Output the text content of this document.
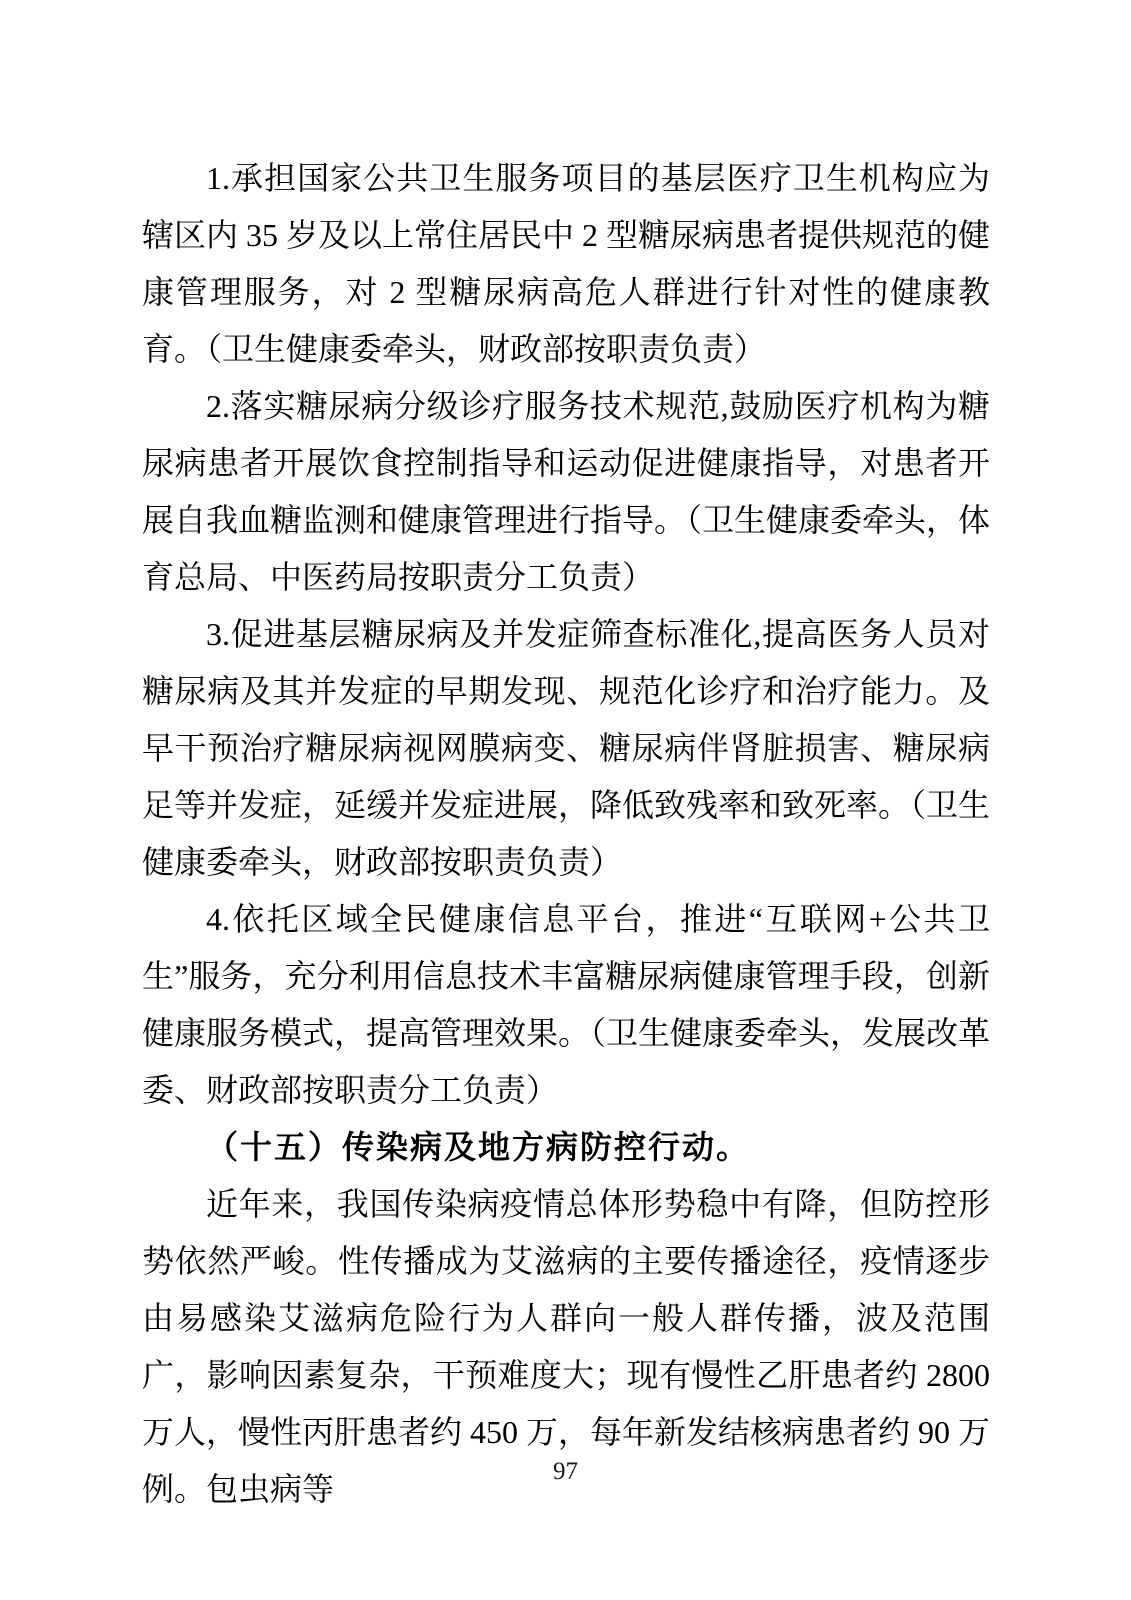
1.承担国家公共卫生服务项目的基层医疗卫生机构应为辖区内 35 岁及以上常住居民中 2 型糖尿病患者提供规范的健康管理服务，对 2 型糖尿病高危人群进行针对性的健康教育。（卫生健康委牵头，财政部按职责负责）

2.落实糖尿病分级诊疗服务技术规范,鼓励医疗机构为糖尿病患者开展饮食控制指导和运动促进健康指导，对患者开展自我血糖监测和健康管理进行指导。（卫生健康委牵头，体育总局、中医药局按职责分工负责）

3.促进基层糖尿病及并发症筛查标准化,提高医务人员对糖尿病及其并发症的早期发现、规范化诊疗和治疗能力。及早干预治疗糖尿病视网膜病变、糖尿病伴肾脏损害、糖尿病足等并发症，延缓并发症进展，降低致残率和致死率。（卫生健康委牵头，财政部按职责负责）

4.依托区域全民健康信息平台，推进“互联网+公共卫生”服务，充分利用信息技术丰富糖尿病健康管理手段，创新健康服务模式，提高管理效果。（卫生健康委牵头，发展改革委、财政部按职责分工负责）

（十五）传染病及地方病防控行动。

近年来，我国传染病疫情总体形势稳中有降，但防控形势依然严峻。性传播成为艾滋病的主要传播途径，疫情逐步由易感染艾滋病危险行为人群向一般人群传播，波及范围广，影响因素复杂，干预难度大；现有慢性乙肝患者约 2800 万人，慢性丙肝患者约 450 万，每年新发结核病患者约 90 万例。包虫病等	97
